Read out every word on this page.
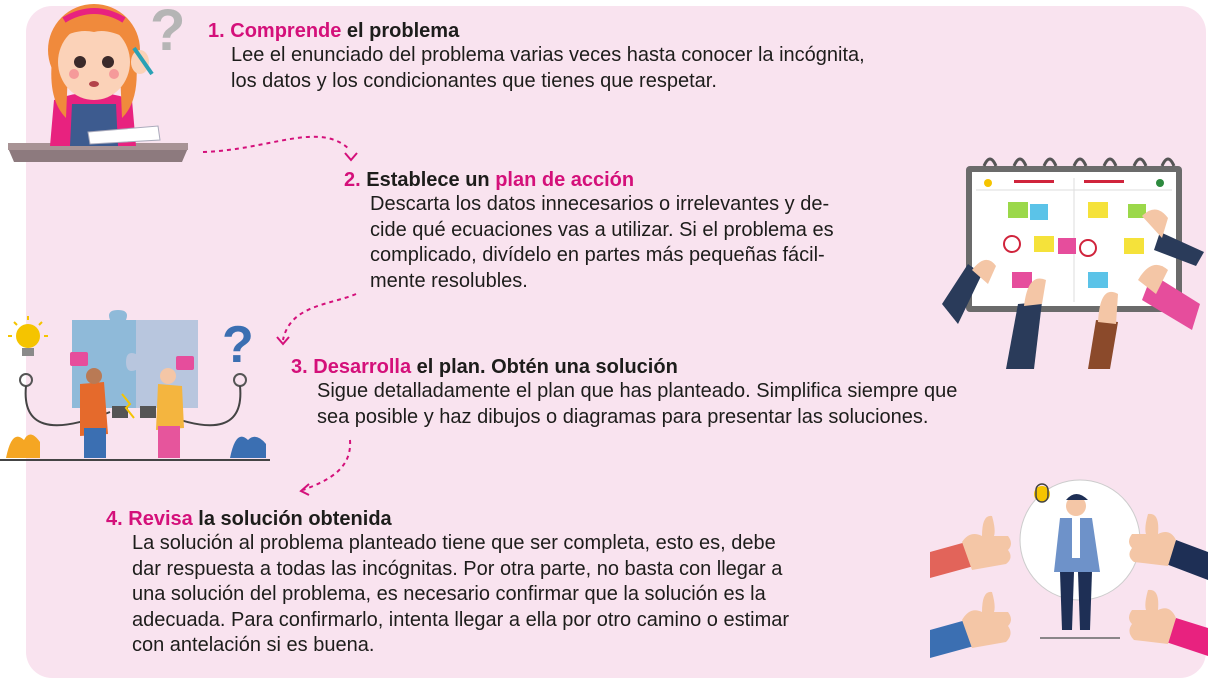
1. Comprende el problema

Lee el enunciado del problema varias veces hasta conocer la incógnita,
los datos y los condicionantes que tienes que respetar.

2. Establece un plan de acción

Descarta los datos innecesarios o irrelevantes y de-
cide qué ecuaciones vas a utilizar. Si el problema es
complicado, divídelo en partes más pequeñas fácil-
mente resolubles.

3. Desarrolla el plan. Obtén una solución

Sigue detalladamente el plan que has planteado. Simplifica siempre que
sea posible y haz dibujos o diagramas para presentar las soluciones.

4. Revisa la solución obtenida

La solución al problema planteado tiene que ser completa, esto es, debe
dar respuesta a todas las incógnitas. Por otra parte, no basta con llegar a
una solución del problema, es necesario confirmar que la solución es la
adecuada. Para confirmarlo, intenta llegar a ella por otro camino o estimar
con antelación si es buena.

?
?
